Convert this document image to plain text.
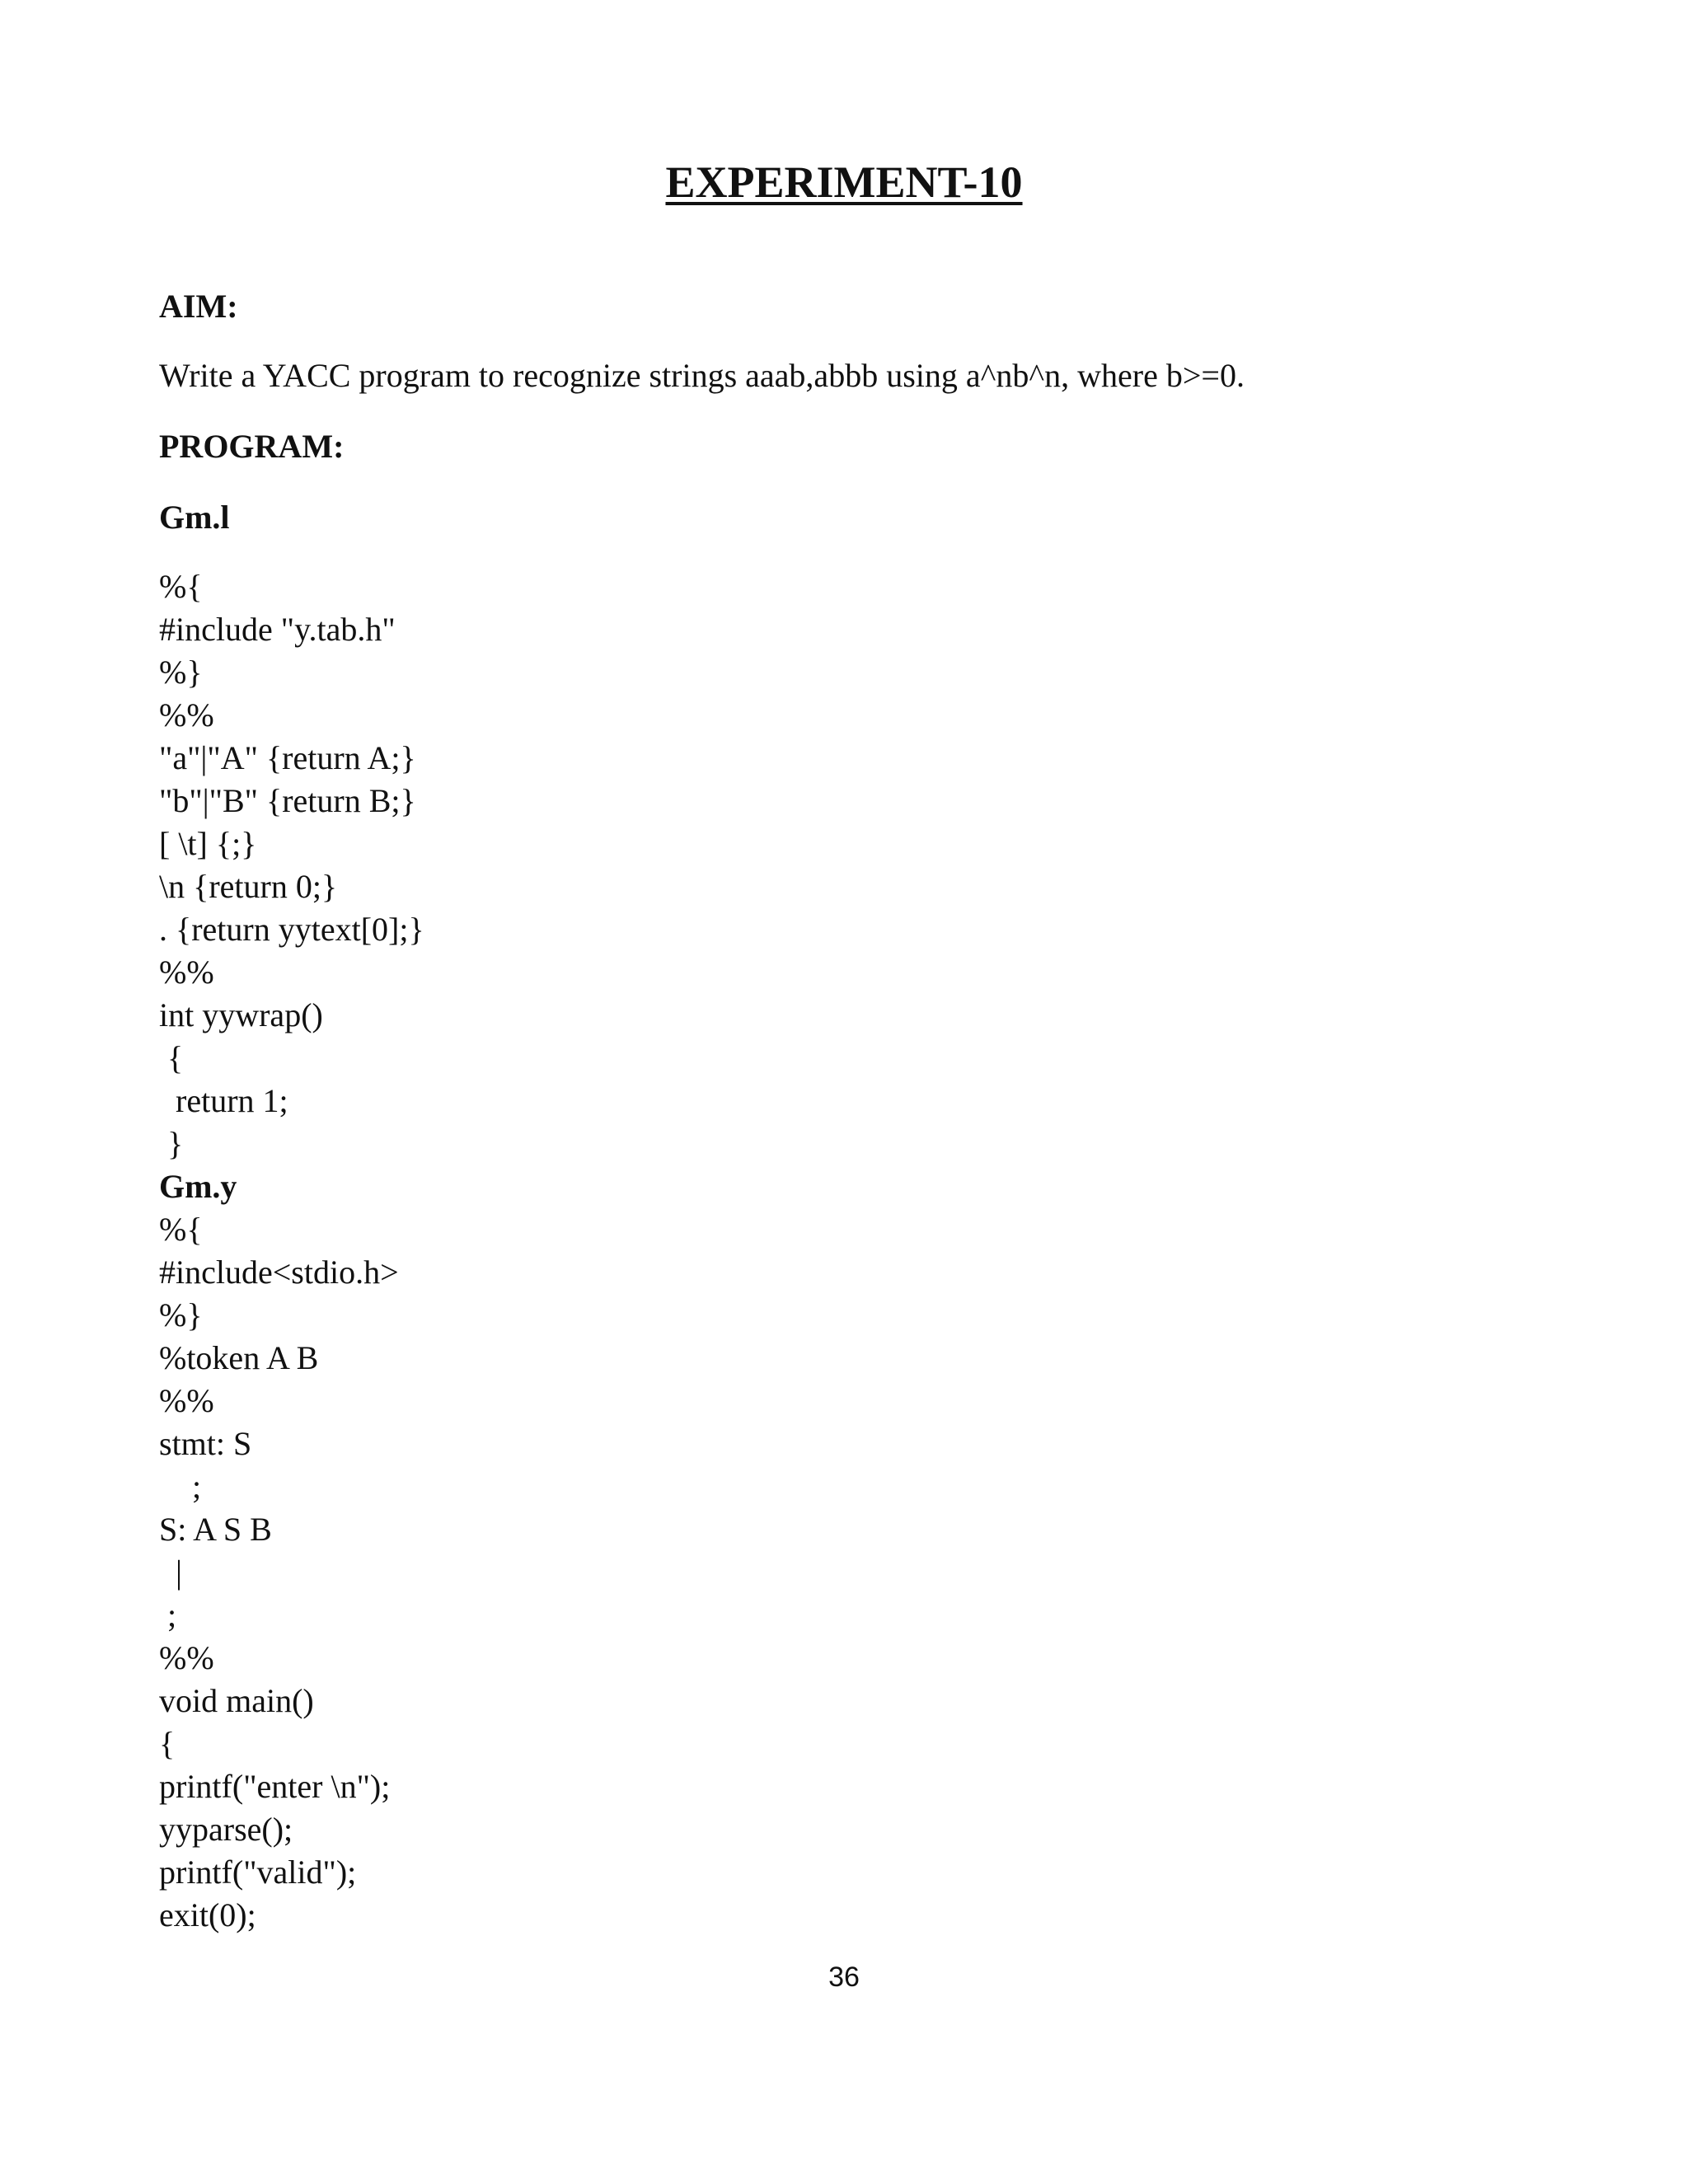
EXPERIMENT-10

AIM:

Write a YACC program to recognize strings aaab,abbb using a^nb^n, where b>=0.

PROGRAM:

Gm.l

%{
#include "y.tab.h"
%}
%%
"a"|"A" {return A;}
"b"|"B" {return B;}
[ \t] {;}
\n {return 0;}
. {return yytext[0];}
%%
int yywrap()
{
return 1;
}
Gm.y
%{
#include<stdio.h>
%}
%token A B
%%
stmt: S
;
S: A S B
|
;
%%
void main()
{
printf("enter \n");
yyparse();
printf("valid");
exit(0);

36
